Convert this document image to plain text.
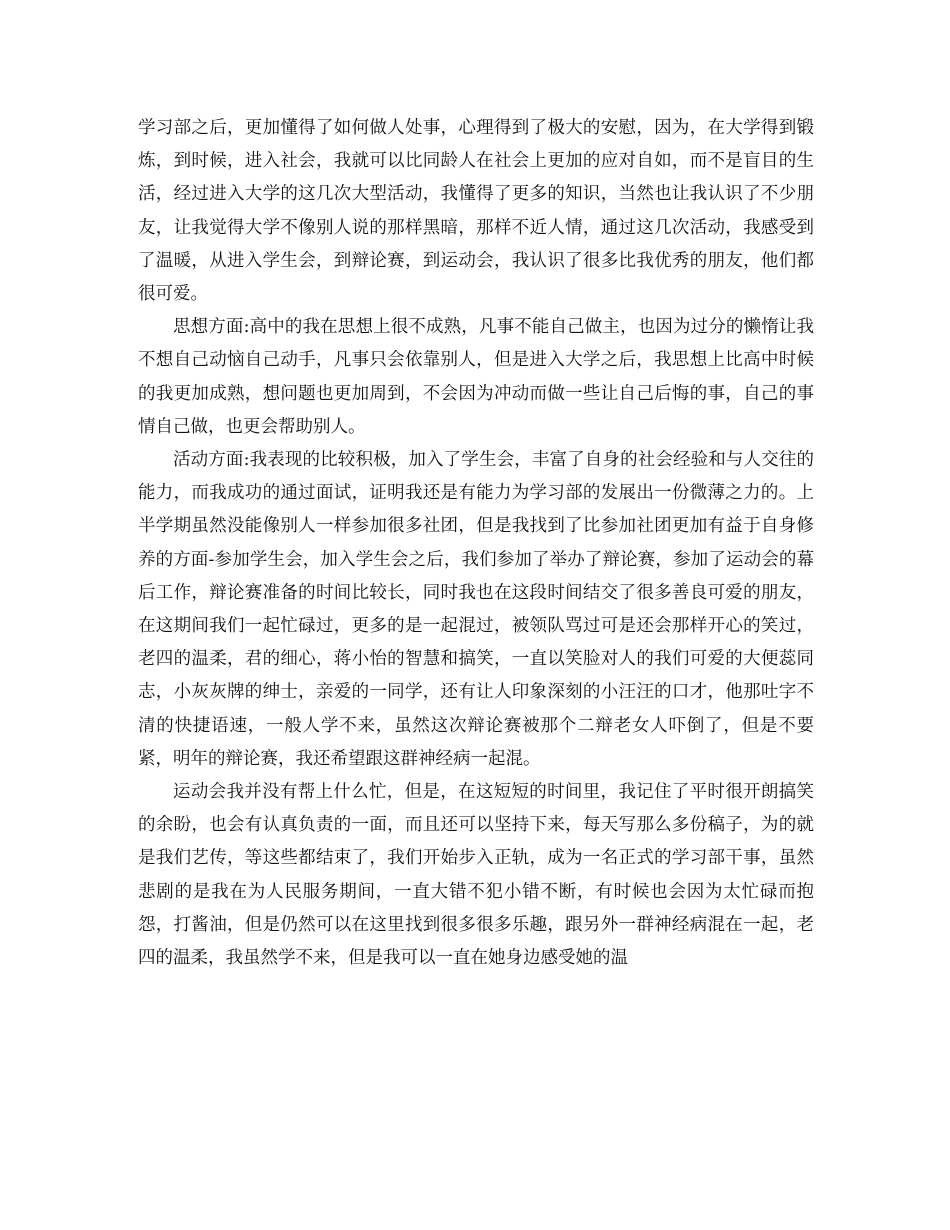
学习部之后，更加懂得了如何做人处事，心理得到了极大的安慰，因为，在大学得到锻炼，到时候，进入社会，我就可以比同龄人在社会上更加的应对自如，而不是盲目的生活，经过进入大学的这几次大型活动，我懂得了更多的知识，当然也让我认识了不少朋友，让我觉得大学不像别人说的那样黑暗，那样不近人情，通过这几次活动，我感受到了温暖，从进入学生会，到辩论赛，到运动会，我认识了很多比我优秀的朋友，他们都很可爱。

思想方面:高中的我在思想上很不成熟，凡事不能自己做主，也因为过分的懒惰让我不想自己动恼自己动手，凡事只会依靠别人，但是进入大学之后，我思想上比高中时候的我更加成熟，想问题也更加周到，不会因为冲动而做一些让自己后悔的事，自己的事情自己做，也更会帮助别人。

活动方面:我表现的比较积极，加入了学生会，丰富了自身的社会经验和与人交往的能力，而我成功的通过面试，证明我还是有能力为学习部的发展出一份微薄之力的。上半学期虽然没能像别人一样参加很多社团，但是我找到了比参加社团更加有益于自身修养的方面-参加学生会，加入学生会之后，我们参加了举办了辩论赛，参加了运动会的幕后工作，辩论赛准备的时间比较长，同时我也在这段时间结交了很多善良可爱的朋友，在这期间我们一起忙碌过，更多的是一起混过，被领队骂过可是还会那样开心的笑过，老四的温柔，君的细心，蒋小怡的智慧和搞笑，一直以笑脸对人的我们可爱的大便蕊同志，小灰灰牌的绅士，亲爱的一同学，还有让人印象深刻的小汪汪的口才，他那吐字不清的快捷语速，一般人学不来，虽然这次辩论赛被那个二辩老女人吓倒了，但是不要紧，明年的辩论赛，我还希望跟这群神经病一起混。

运动会我并没有帮上什么忙，但是，在这短短的时间里，我记住了平时很开朗搞笑的余盼，也会有认真负责的一面，而且还可以坚持下来，每天写那么多份稿子，为的就是我们艺传，等这些都结束了，我们开始步入正轨，成为一名正式的学习部干事，虽然悲剧的是我在为人民服务期间，一直大错不犯小错不断，有时候也会因为太忙碌而抱怨，打酱油，但是仍然可以在这里找到很多很多乐趣，跟另外一群神经病混在一起，老四的温柔，我虽然学不来，但是我可以一直在她身边感受她的温
